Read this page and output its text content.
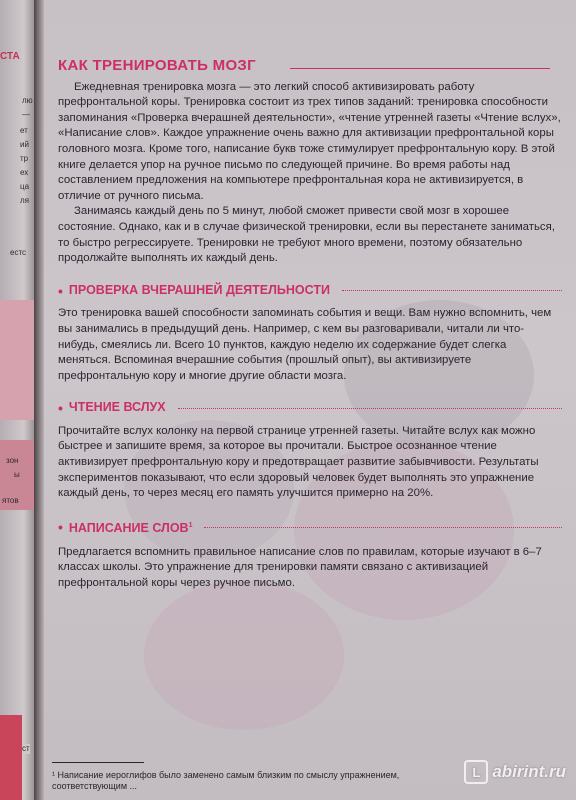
СТА
лю
—
ет
ий
тр
ех
ца
ля
естс
зон
ы
ятов
ст
КАК ТРЕНИРОВАТЬ МОЗГ

Ежедневная тренировка мозга — это легкий способ активизировать работу префронтальной коры. Тренировка состоит из трех типов заданий: тренировка способности запоминания «Проверка вчерашней деятельности», «чтение утренней газеты «Чтение вслух», «Написание слов». Каждое упражнение очень важно для активизации префронтальной коры головного мозга. Кроме того, написание букв тоже стимулирует префронтальную кору. В этой книге делается упор на ручное письмо по следующей причине. Во время работы над составлением предложения на компьютере префронтальная кора не активизируется, в отличие от ручного письма.

Занимаясь каждый день по 5 минут, любой сможет привести свой мозг в хорошее состояние. Однако, как и в случае физической тренировки, если вы перестанете заниматься, то быстро регрессируете. Тренировки не требуют много времени, поэтому обязательно продолжайте выполнять их каждый день.

• ПРОВЕРКА ВЧЕРАШНЕЙ ДЕЯТЕЛЬНОСТИ

Это тренировка вашей способности запоминать события и вещи. Вам нужно вспомнить, чем вы занимались в предыдущий день. Например, с кем вы разговаривали, читали ли что-нибудь, смеялись ли. Всего 10 пунктов, каждую неделю их содержание будет слегка меняться. Вспоминая вчерашние события (прошлый опыт), вы активизируете префронтальную кору и многие другие области мозга.

• ЧТЕНИЕ ВСЛУХ

Прочитайте вслух колонку на первой странице утренней газеты. Читайте вслух как можно быстрее и запишите время, за которое вы прочитали. Быстрое осознанное чтение активизирует префронтальную кору и предотвращает развитие забывчивости. Результаты экспериментов показывают, что если здоровый человек будет выполнять это упражнение каждый день, то через месяц его память улучшится примерно на 20%.

• НАПИСАНИЕ СЛОВ$^1$

Предлагается вспомнить правильное написание слов по правилам, которые изучают в 6–7 классах школы. Это упражнение для тренировки памяти связано с активизацией префронтальной коры через ручное письмо.

¹ Написание иероглифов было заменено самым близким по смыслу упражнением, соответствующим ...
L abirint.ru
